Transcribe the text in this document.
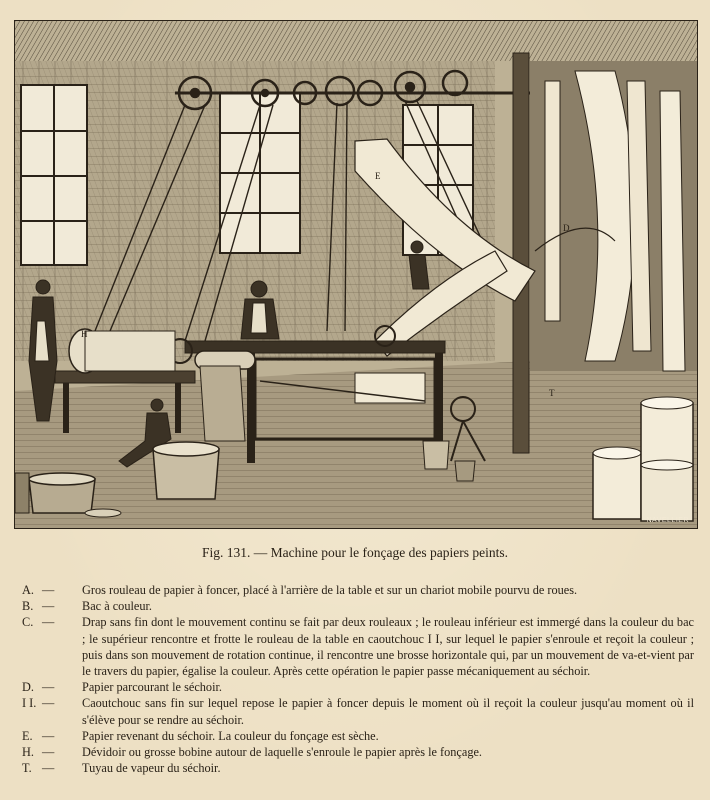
D
T
E
H
NAVELLIER
Fig. 131. — Machine pour le fonçage des papiers peints.

A. — Gros rouleau de papier à foncer, placé à l'arrière de la table et sur un chariot mobile pourvu de roues.

B. — Bac à couleur.

C. — Drap sans fin dont le mouvement continu se fait par deux rouleaux ; le rouleau inférieur est immergé dans la couleur du bac ; le supérieur rencontre et frotte le rouleau de la table en caoutchouc I I, sur lequel le papier s'enroule et reçoit la couleur ; puis dans son mouvement de rotation continue, il rencontre une brosse horizontale qui, par un mouvement de va-et-vient par le travers du papier, égalise la couleur. Après cette opération le papier passe mécaniquement au séchoir.

D. — Papier parcourant le séchoir.

I I. — Caoutchouc sans fin sur lequel repose le papier à foncer depuis le moment où il reçoit la couleur jusqu'au moment où il s'élève pour se rendre au séchoir.

E. — Papier revenant du séchoir. La couleur du fonçage est sèche.

H. — Dévidoir ou grosse bobine autour de laquelle s'enroule le papier après le fonçage.

T. — Tuyau de vapeur du séchoir.
